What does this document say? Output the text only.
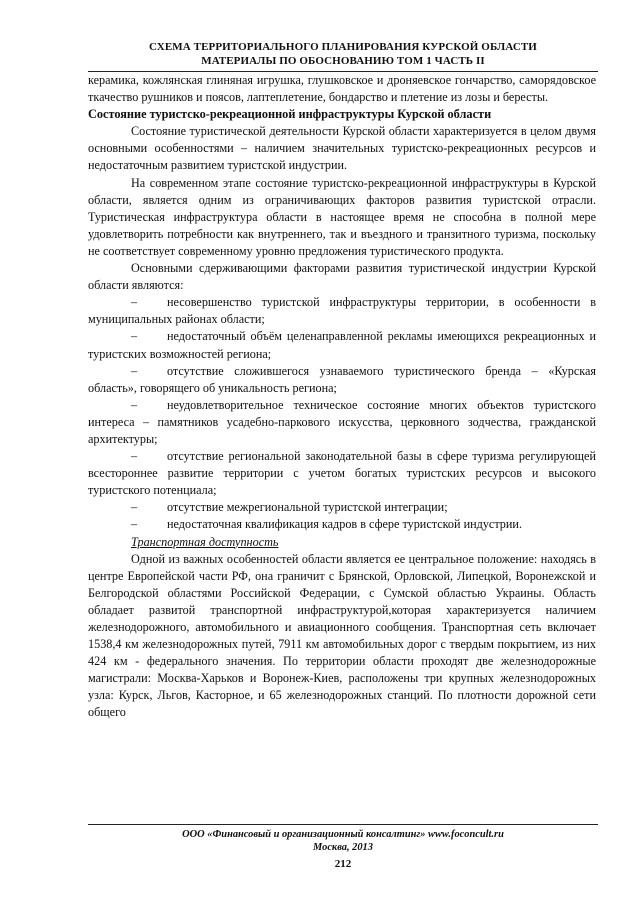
СХЕМА ТЕРРИТОРИАЛЬНОГО ПЛАНИРОВАНИЯ КУРСКОЙ ОБЛАСТИ
МАТЕРИАЛЫ ПО ОБОСНОВАНИЮ ТОМ 1 ЧАСТЬ II

керамика, кожлянская глиняная игрушка, глушковское и дроняевское гончарство, саморядовское ткачество рушников и поясов, лаптеплетение, бондарство и плетение из лозы и бересты.

Состояние туристско-рекреационной инфраструктуры Курской области

Состояние туристической деятельности Курской области характеризуется в целом двумя основными особенностями – наличием значительных туристско-рекреационных ресурсов и недостаточным развитием туристской индустрии.

На современном этапе состояние туристско-рекреационной инфраструктуры в Курской области, является одним из ограничивающих факторов развития туристской отрасли. Туристическая инфраструктура области в настоящее время не способна в полной мере удовлетворить потребности как внутреннего, так и въездного и транзитного туризма, поскольку не соответствует современному уровню предложения туристического продукта.

Основными сдерживающими факторами развития туристической индустрии Курской области являются:

– несовершенство туристской инфраструктуры территории, в особенности в муниципальных районах области;

– недостаточный объём целенаправленной рекламы имеющихся рекреационных и туристских возможностей региона;

– отсутствие сложившегося узнаваемого туристического бренда – «Курская область», говорящего об уникальность региона;

– неудовлетворительное техническое состояние многих объектов туристского интереса – памятников усадебно-паркового искусства, церковного зодчества, гражданской архитектуры;

– отсутствие региональной законодательной базы в сфере туризма регулирующей всестороннее развитие территории с учетом богатых туристских ресурсов и высокого туристского потенциала;

– отсутствие межрегиональной туристской интеграции;

– недостаточная квалификация кадров в сфере туристской индустрии.

Транспортная доступность

Одной из важных особенностей области является ее центральное положение: находясь в центре Европейской части РФ, она граничит с Брянской, Орловской, Липецкой, Воронежской и Белгородской областями Российской Федерации, с Сумской областью Украины. Область обладает развитой транспортной инфраструктурой,которая характеризуется наличием железнодорожного, автомобильного и авиационного сообщения. Транспортная сеть включает 1538,4 км железнодорожных путей, 7911 км автомобильных дорог с твердым покрытием, из них 424 км - федерального значения. По территории области проходят две железнодорожные магистрали: Москва-Харьков и Воронеж-Киев, расположены три крупных железнодорожных узла: Курск, Льгов, Касторное, и 65 железнодорожных станций. По плотности дорожной сети общего

ООО «Финансовый и организационный консалтинг» www.foconcult.ru
Москва, 2013
212
